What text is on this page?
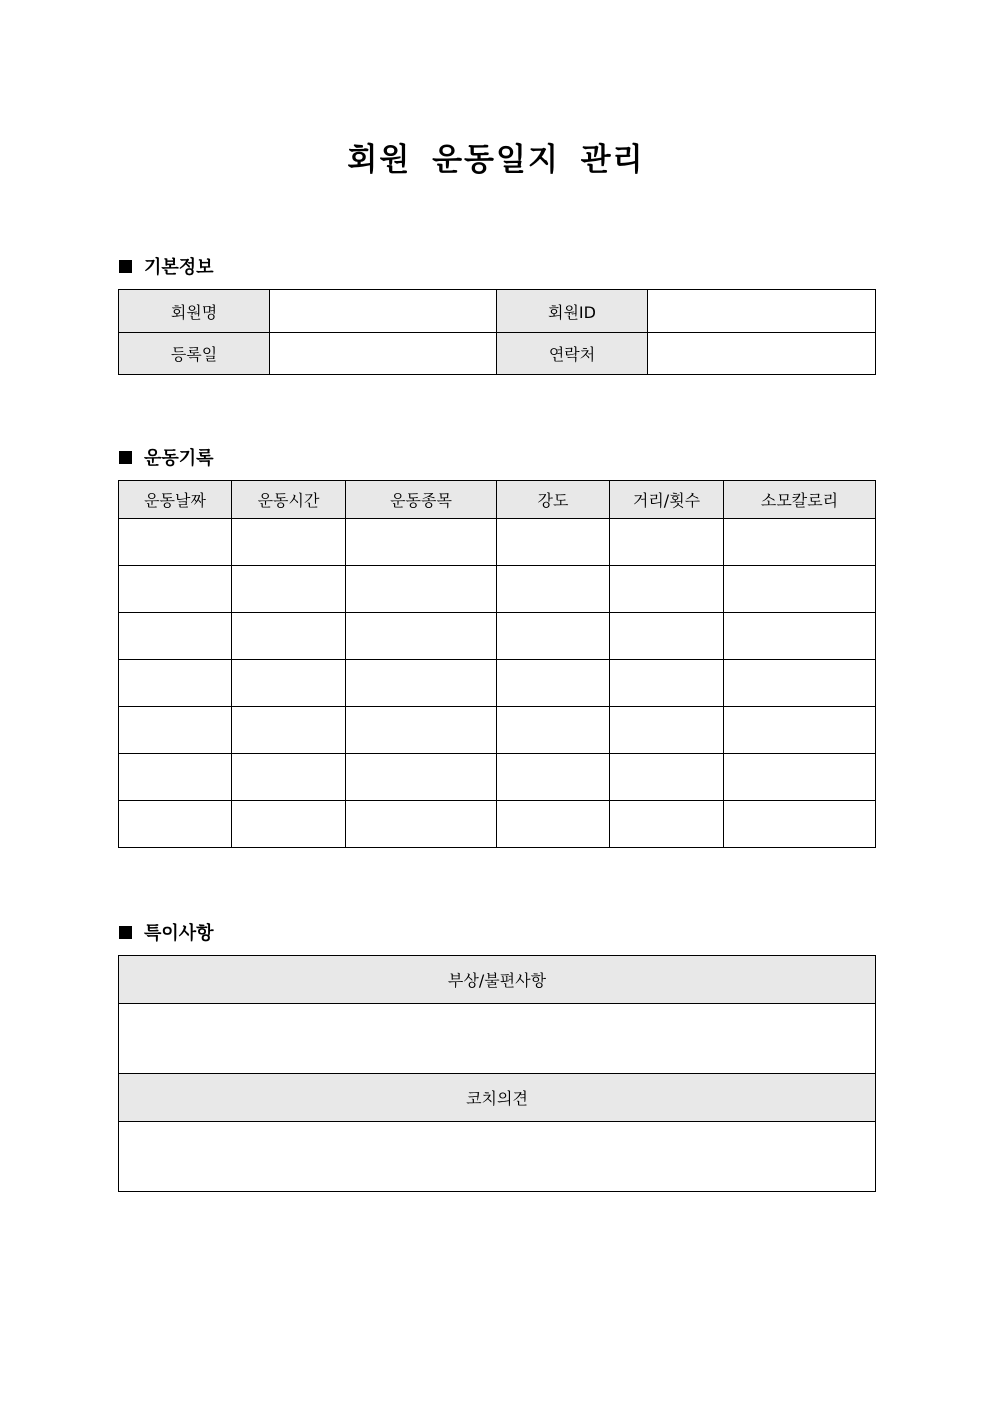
회원 운동일지 관리
기본정보
회원명		회원ID	
등록일		연락처	
운동기록
운동날짜	운동시간	운동종목	강도	거리/횟수	소모칼로리

특이사항
부상/불편사항

코치의견
